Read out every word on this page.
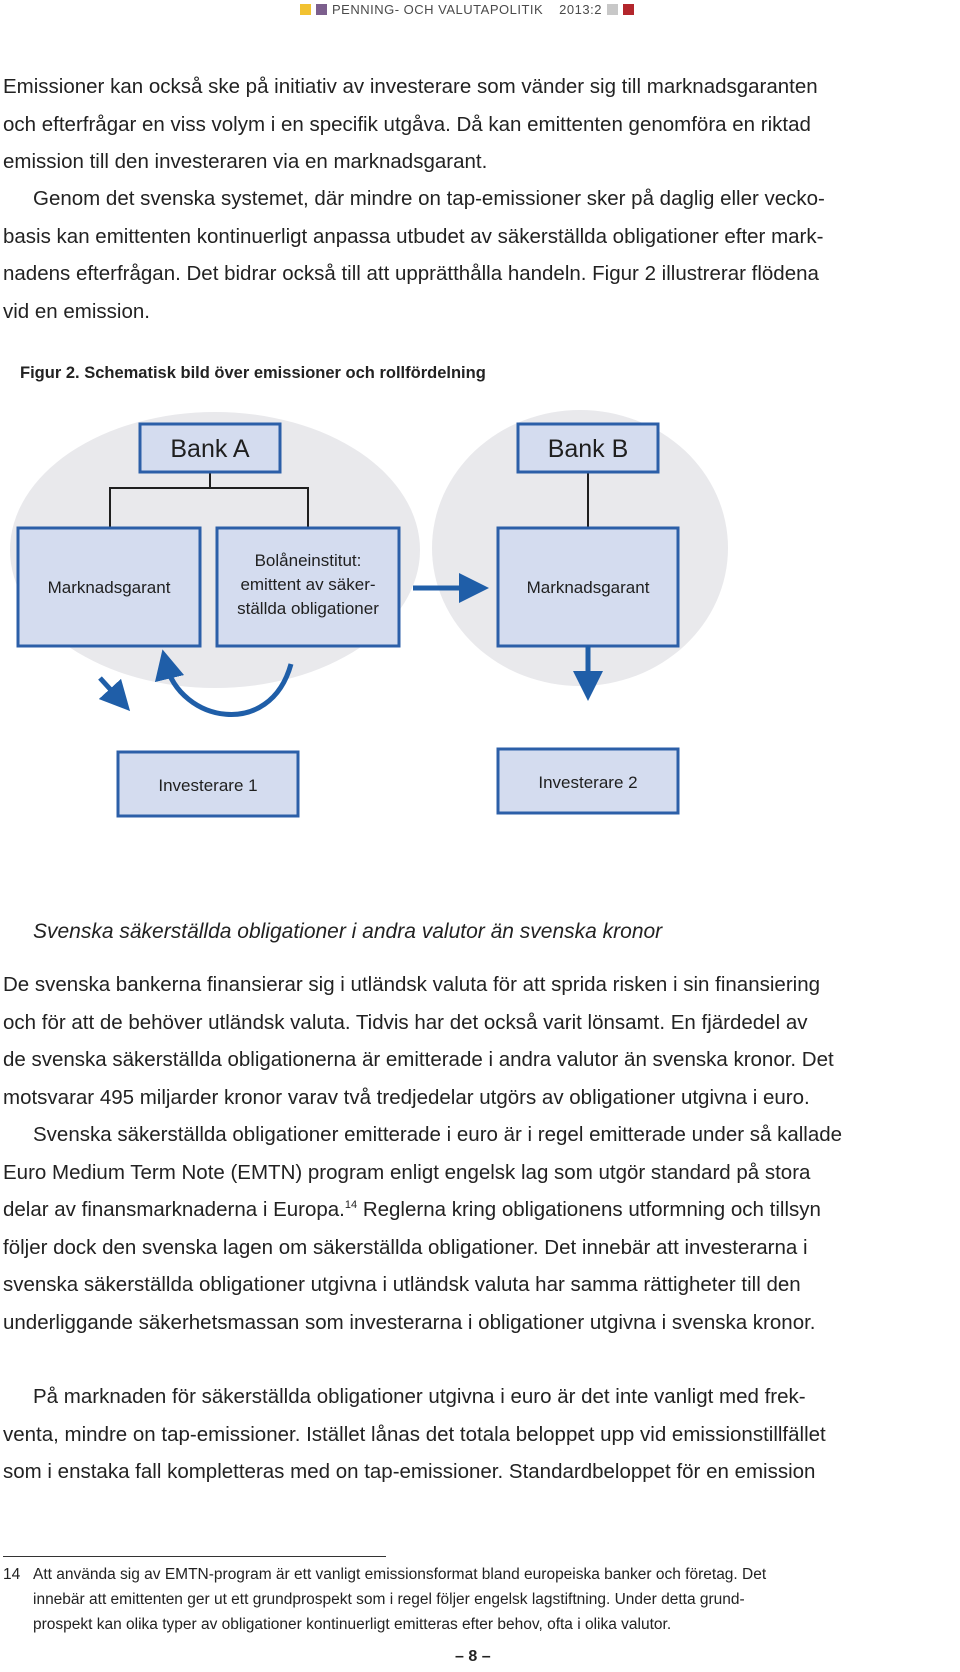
PENNING- OCH VALUTAPOLITIK 2013:2

Emissioner kan också ske på initiativ av investerare som vänder sig till marknadsgaranten
och efterfrågar en viss volym i en specifik utgåva. Då kan emittenten genomföra en riktad
emission till den investeraren via en marknadsgarant.

Genom det svenska systemet, där mindre on tap-emissioner sker på daglig eller vecko-
basis kan emittenten kontinuerligt anpassa utbudet av säkerställda obligationer efter mark-
nadens efterfrågan. Det bidrar också till att upprätthålla handeln. Figur 2 illustrerar flödena
vid en emission.

Figur 2. Schematisk bild över emissioner och rollfördelning
Bank A	Bank B
Marknadsgarant
Bolåneinstitut:
emittent av säker-
ställda obligationer
Marknadsgarant
Investerare 1	Investerare 2
Svenska säkerställda obligationer i andra valutor än svenska kronor

De svenska bankerna finansierar sig i utländsk valuta för att sprida risken i sin finansiering
och för att de behöver utländsk valuta. Tidvis har det också varit lönsamt. En fjärdedel av
de svenska säkerställda obligationerna är emitterade i andra valutor än svenska kronor. Det
motsvarar 495 miljarder kronor varav två tredjedelar utgörs av obligationer utgivna i euro.

Svenska säkerställda obligationer emitterade i euro är i regel emitterade under så kallade
Euro Medium Term Note (EMTN) program enligt engelsk lag som utgör standard på stora
delar av finansmarknaderna i Europa.$^{14}$ Reglerna kring obligationens utformning och tillsyn
följer dock den svenska lagen om säkerställda obligationer. Det innebär att investerarna i
svenska säkerställda obligationer utgivna i utländsk valuta har samma rättigheter till den
underliggande säkerhetsmassan som investerarna i obligationer utgivna i svenska kronor.

På marknaden för säkerställda obligationer utgivna i euro är det inte vanligt med frek-
venta, mindre on tap-emissioner. Istället lånas det totala beloppet upp vid emissionstillfället
som i enstaka fall kompletteras med on tap-emissioner. Standardbeloppet för en emission

14 Att använda sig av EMTN-program är ett vanligt emissionsformat bland europeiska banker och företag. Det
innebär att emittenten ger ut ett grundprospekt som i regel följer engelsk lagstiftning. Under detta grund-
prospekt kan olika typer av obligationer kontinuerligt emitteras efter behov, ofta i olika valutor.
– 8 –
